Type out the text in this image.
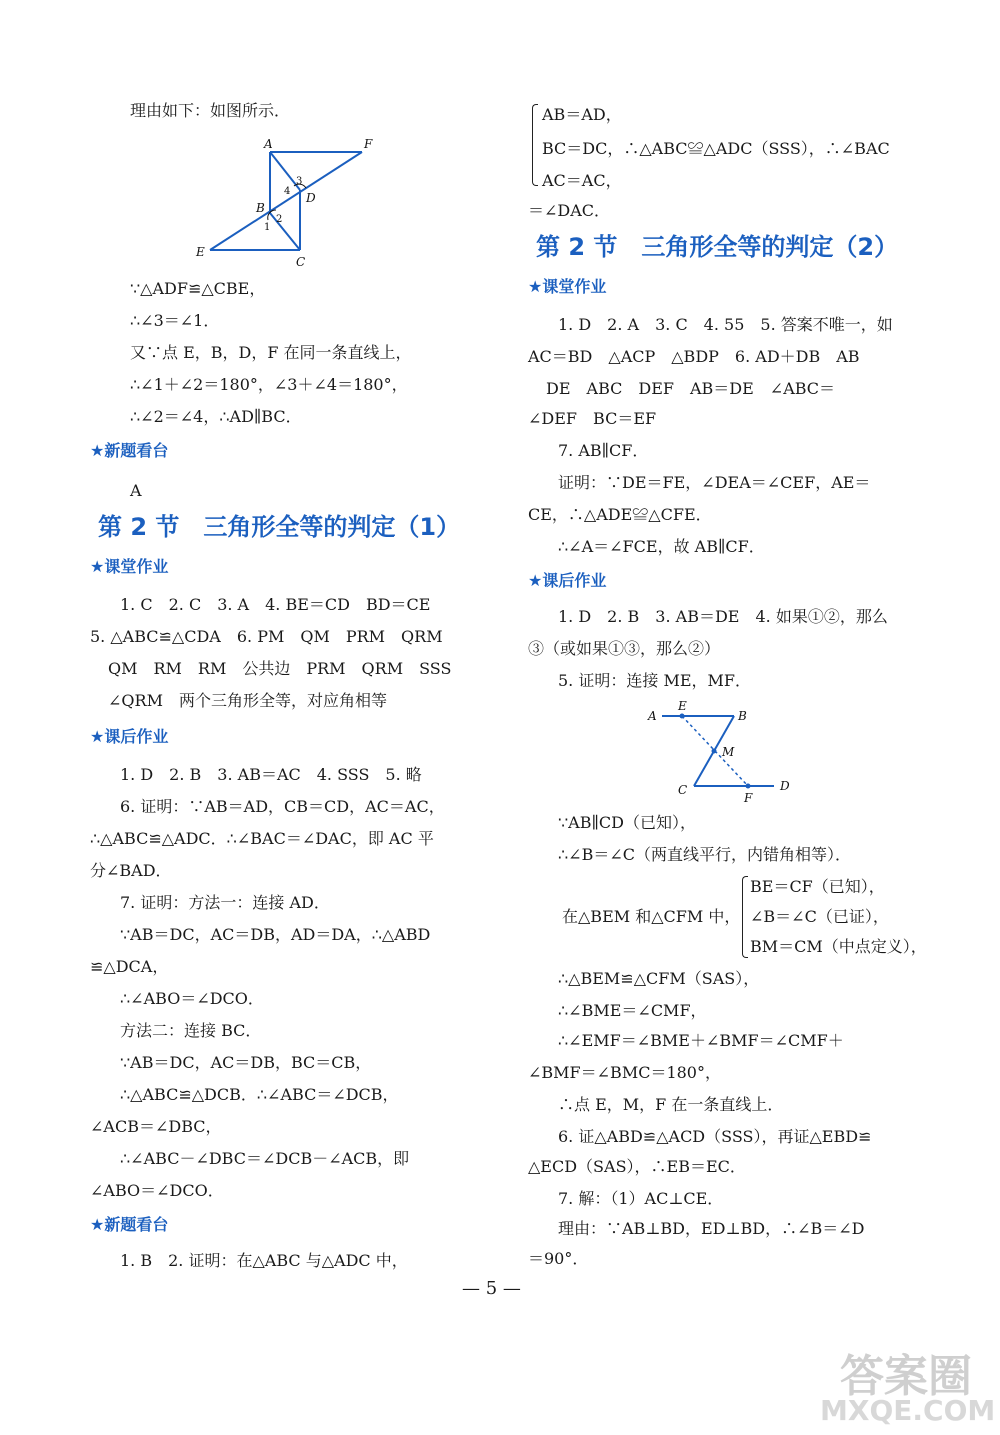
理由如下：如图所示．
A	F
D
B
E
C
3
4
2
1
∵△ADF≌△CBE，
∴∠3＝∠1．
又∵点 E，B，D，F 在同一条直线上，
∴∠1＋∠2＝180°，∠3＋∠4＝180°，
∴∠2＝∠4，∴AD∥BC．
★新题看台
A
第 2 节　三角形全等的判定（1）
★课堂作业
1. C　2. C　3. A　4. BE＝CD　BD＝CE
5. △ABC≌△CDA　6. PM　QM　PRM　QRM
QM　RM　RM　公共边　PRM　QRM　SSS
∠QRM　两个三角形全等，对应角相等
★课后作业
1. D　2. B　3. AB＝AC　4. SSS　5. 略
6. 证明：∵AB＝AD，CB＝CD，AC＝AC，
∴△ABC≌△ADC．∴∠BAC＝∠DAC，即 AC 平
分∠BAD．
7. 证明：方法一：连接 AD．
∵AB＝DC，AC＝DB，AD＝DA，∴△ABD
≌△DCA，
∴∠ABO＝∠DCO．
方法二：连接 BC．
∵AB＝DC，AC＝DB，BC＝CB，
∴△ABC≌△DCB．∴∠ABC＝∠DCB，
∠ACB＝∠DBC，
∴∠ABC－∠DBC＝∠DCB－∠ACB，即
∠ABO＝∠DCO．
★新题看台
1. B　2. 证明：在△ABC 与△ADC 中，
AB＝AD，
BC＝DC，∴△ABC≌△ADC（SSS），∴∠BAC
AC＝AC，
＝∠DAC．
第 2 节　三角形全等的判定（2）
★课堂作业
1. D　2. A　3. C　4. 55　5. 答案不唯一，如
AC＝BD　△ACP　△BDP　6. AD＋DB　AB
DE　ABC　DEF　AB＝DE　∠ABC＝
∠DEF　BC＝EF
7. AB∥CF．
证明：∵DE＝FE，∠DEA＝∠CEF，AE＝
CE，∴△ADE≌△CFE．
∴∠A＝∠FCE，故 AB∥CF．
★课后作业
1. D　2. B　3. AB＝DE　4. 如果①②，那么
③（或如果①③，那么②）
5. 证明：连接 ME，MF．
A
E
B
M
C
F
D
∵AB∥CD（已知），
∴∠B＝∠C（两直线平行，内错角相等）．
在△BEM 和△CFM 中，
BE＝CF（已知），
∠B＝∠C（已证），
BM＝CM（中点定义），
∴△BEM≌△CFM（SAS），
∴∠BME＝∠CMF，
∴∠EMF＝∠BME＋∠BMF＝∠CMF＋
∠BMF＝∠BMC＝180°，
∴点 E，M，F 在一条直线上．
6. 证△ABD≌△ACD（SSS），再证△EBD≌
△ECD（SAS），∴EB＝EC．
7. 解：（1）AC⊥CE．
理由：∵AB⊥BD，ED⊥BD，∴∠B＝∠D
＝90°．
— 5 —
答案圈
MXQE.COM
